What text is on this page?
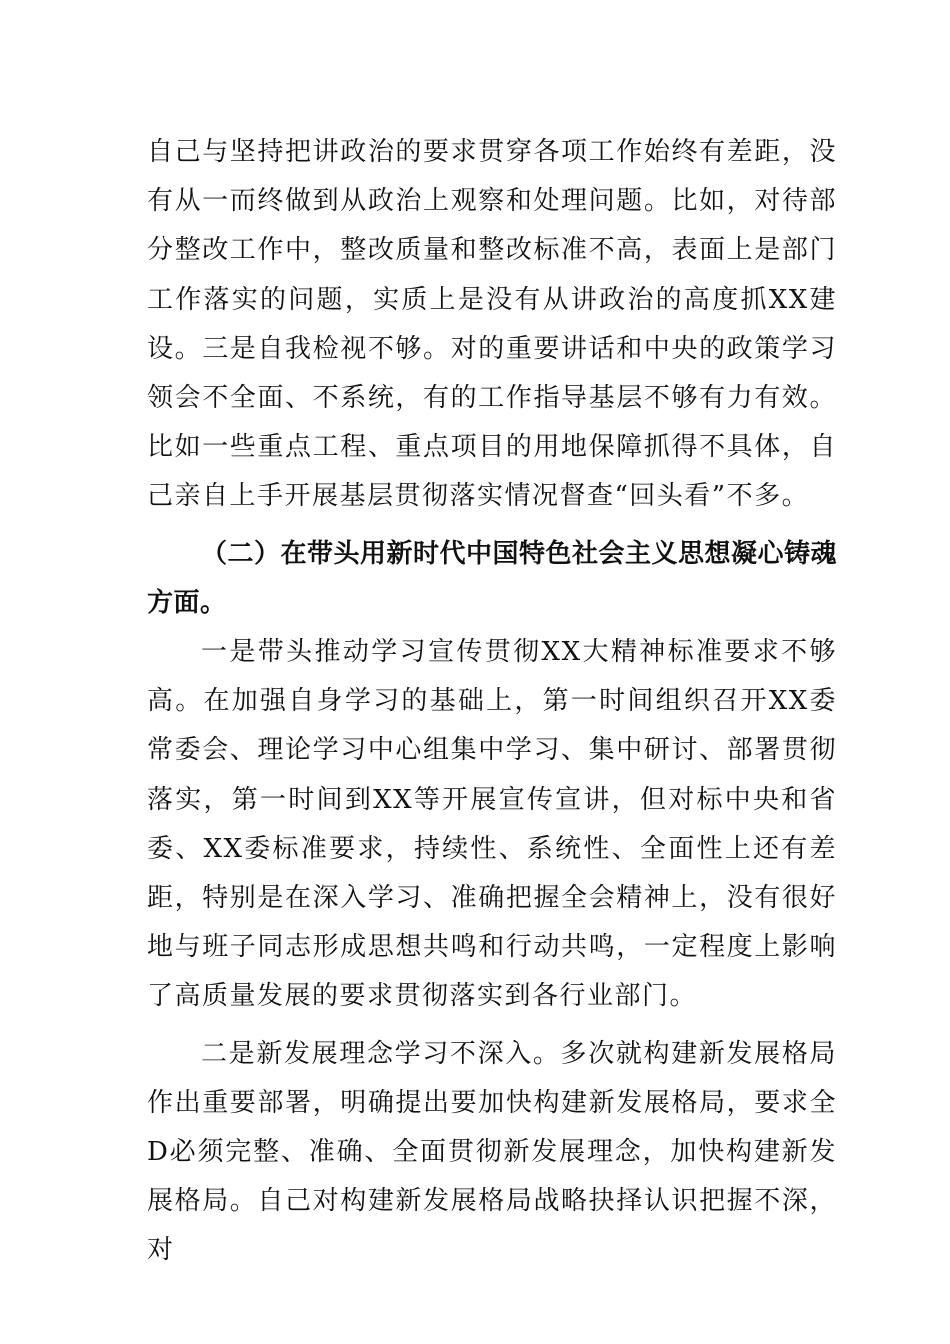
自己与坚持把讲政治的要求贯穿各项工作始终有差距，没有从一而终做到从政治上观察和处理问题。比如，对待部分整改工作中，整改质量和整改标准不高，表面上是部门工作落实的问题，实质上是没有从讲政治的高度抓XX建设。三是自我检视不够。对的重要讲话和中央的政策学习领会不全面、不系统，有的工作指导基层不够有力有效。比如一些重点工程、重点项目的用地保障抓得不具体，自己亲自上手开展基层贯彻落实情况督查“回头看”不多。

（二）在带头用新时代中国特色社会主义思想凝心铸魂方面。

一是带头推动学习宣传贯彻XX大精神标准要求不够高。在加强自身学习的基础上，第一时间组织召开XX委常委会、理论学习中心组集中学习、集中研讨、部署贯彻落实，第一时间到XX等开展宣传宣讲，但对标中央和省委、XX委标准要求，持续性、系统性、全面性上还有差距，特别是在深入学习、准确把握全会精神上，没有很好地与班子同志形成思想共鸣和行动共鸣，一定程度上影响了高质量发展的要求贯彻落实到各行业部门。

二是新发展理念学习不深入。多次就构建新发展格局作出重要部署，明确提出要加快构建新发展格局，要求全D必须完整、准确、全面贯彻新发展理念，加快构建新发展格局。自己对构建新发展格局战略抉择认识把握不深，对
